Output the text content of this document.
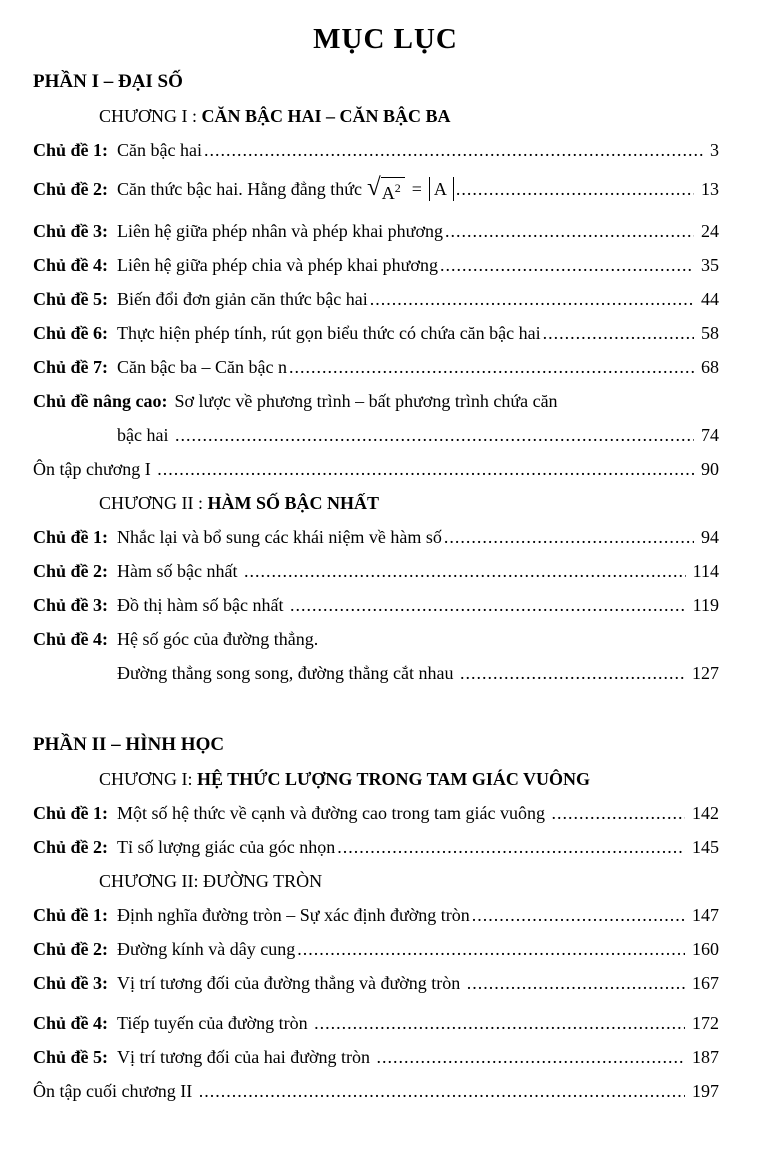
MỤC LỤC
PHẦN I – ĐẠI SỐ
CHƯƠNG I : CĂN BẬC HAI – CĂN BẬC BA
Chủ đề 1: Căn bậc hai .....	3
Chủ đề 2: Căn thức bậc hai. Hằng đẳng thức √ $A^2 = A$ .....	13
Chủ đề 3: Liên hệ giữa phép nhân và phép khai phương .....	24
Chủ đề 4: Liên hệ giữa phép chia và phép khai phương .....	35
Chủ đề 5: Biến đổi đơn giản căn thức bậc hai .....	44
Chủ đề 6: Thực hiện phép tính, rút gọn biểu thức có chứa căn bậc hai .....	58
Chủ đề 7: Căn bậc ba – Căn bậc n .....	68
Chủ đề nâng cao: Sơ lược về phương trình – bất phương trình chứa căn
bậc hai .....	74
Ôn tập chương I .....	90
CHƯƠNG II : HÀM SỐ BẬC NHẤT
Chủ đề 1: Nhắc lại và bổ sung các khái niệm về hàm số .....	94
Chủ đề 2: Hàm số bậc nhất .....	114
Chủ đề 3: Đồ thị hàm số bậc nhất .....	119
Chủ đề 4: Hệ số góc của đường thẳng.
Đường thẳng song song, đường thẳng cắt nhau .....	127
PHẦN II – HÌNH HỌC
CHƯƠNG I: HỆ THỨC LƯỢNG TRONG TAM GIÁC VUÔNG
Chủ đề 1: Một số hệ thức về cạnh và đường cao trong tam giác vuông .....	142
Chủ đề 2: Tỉ số lượng giác của góc nhọn .....	145
CHƯƠNG II: ĐƯỜNG TRÒN
Chủ đề 1: Định nghĩa đường tròn – Sự xác định đường tròn .....	147
Chủ đề 2: Đường kính và dây cung .....	160
Chủ đề 3: Vị trí tương đối của đường thẳng và đường tròn .....	167
Chủ đề 4: Tiếp tuyến của đường tròn .....	172
Chủ đề 5: Vị trí tương đối của hai đường tròn .....	187
Ôn tập cuối chương II .....	197
